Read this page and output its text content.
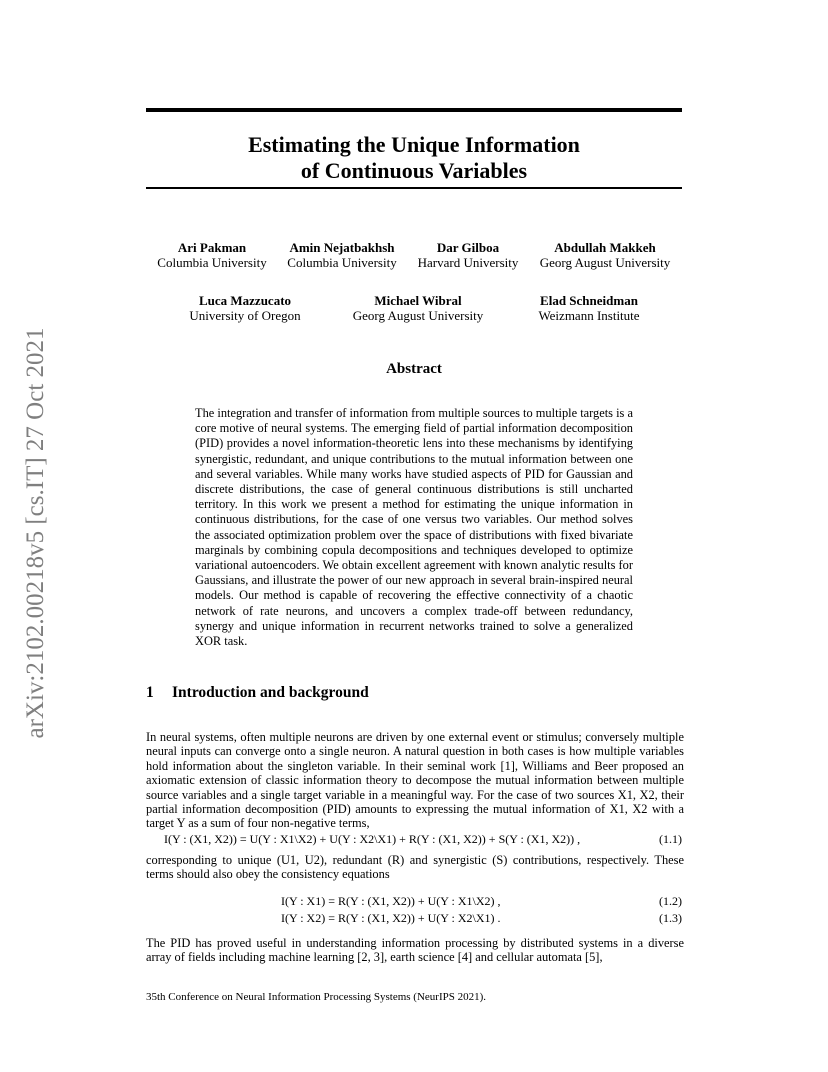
arXiv:2102.00218v5 [cs.IT] 27 Oct 2021
Estimating the Unique Information
of Continuous Variables
Ari Pakman
Columbia University
Amin Nejatbakhsh
Columbia University
Dar Gilboa
Harvard University
Abdullah Makkeh
Georg August University
Luca Mazzucato
University of Oregon
Michael Wibral
Georg August University
Elad Schneidman
Weizmann Institute
Abstract
The integration and transfer of information from multiple sources to multiple targets is a core motive of neural systems. The emerging field of partial information decomposition (PID) provides a novel information-theoretic lens into these mechanisms by identifying synergistic, redundant, and unique contributions to the mutual information between one and several variables. While many works have studied aspects of PID for Gaussian and discrete distributions, the case of general continuous distributions is still uncharted territory. In this work we present a method for estimating the unique information in continuous distributions, for the case of one versus two variables. Our method solves the associated optimization problem over the space of distributions with fixed bivariate marginals by combining copula decompositions and techniques developed to optimize variational autoencoders. We obtain excellent agreement with known analytic results for Gaussians, and illustrate the power of our new approach in several brain-inspired neural models. Our method is capable of recovering the effective connectivity of a chaotic network of rate neurons, and uncovers a complex trade-off between redundancy, synergy and unique information in recurrent networks trained to solve a generalized XOR task.
1 Introduction and background
In neural systems, often multiple neurons are driven by one external event or stimulus; conversely multiple neural inputs can converge onto a single neuron. A natural question in both cases is how multiple variables hold information about the singleton variable. In their seminal work [1], Williams and Beer proposed an axiomatic extension of classic information theory to decompose the mutual information between multiple source variables and a single target variable in a meaningful way. For the case of two sources X1, X2, their partial information decomposition (PID) amounts to expressing the mutual information of X1, X2 with a target Y as a sum of four non-negative terms,
I(Y : (X1, X2)) = U(Y : X1\X2) + U(Y : X2\X1) + R(Y : (X1, X2)) + S(Y : (X1, X2)) ,	(1.1)
corresponding to unique (U1, U2), redundant (R) and synergistic (S) contributions, respectively. These terms should also obey the consistency equations
I(Y : X1) = R(Y : (X1, X2)) + U(Y : X1\X2) ,	(1.2)
I(Y : X2) = R(Y : (X1, X2)) + U(Y : X2\X1) .	(1.3)
The PID has proved useful in understanding information processing by distributed systems in a diverse array of fields including machine learning [2, 3], earth science [4] and cellular automata [5],
35th Conference on Neural Information Processing Systems (NeurIPS 2021).
